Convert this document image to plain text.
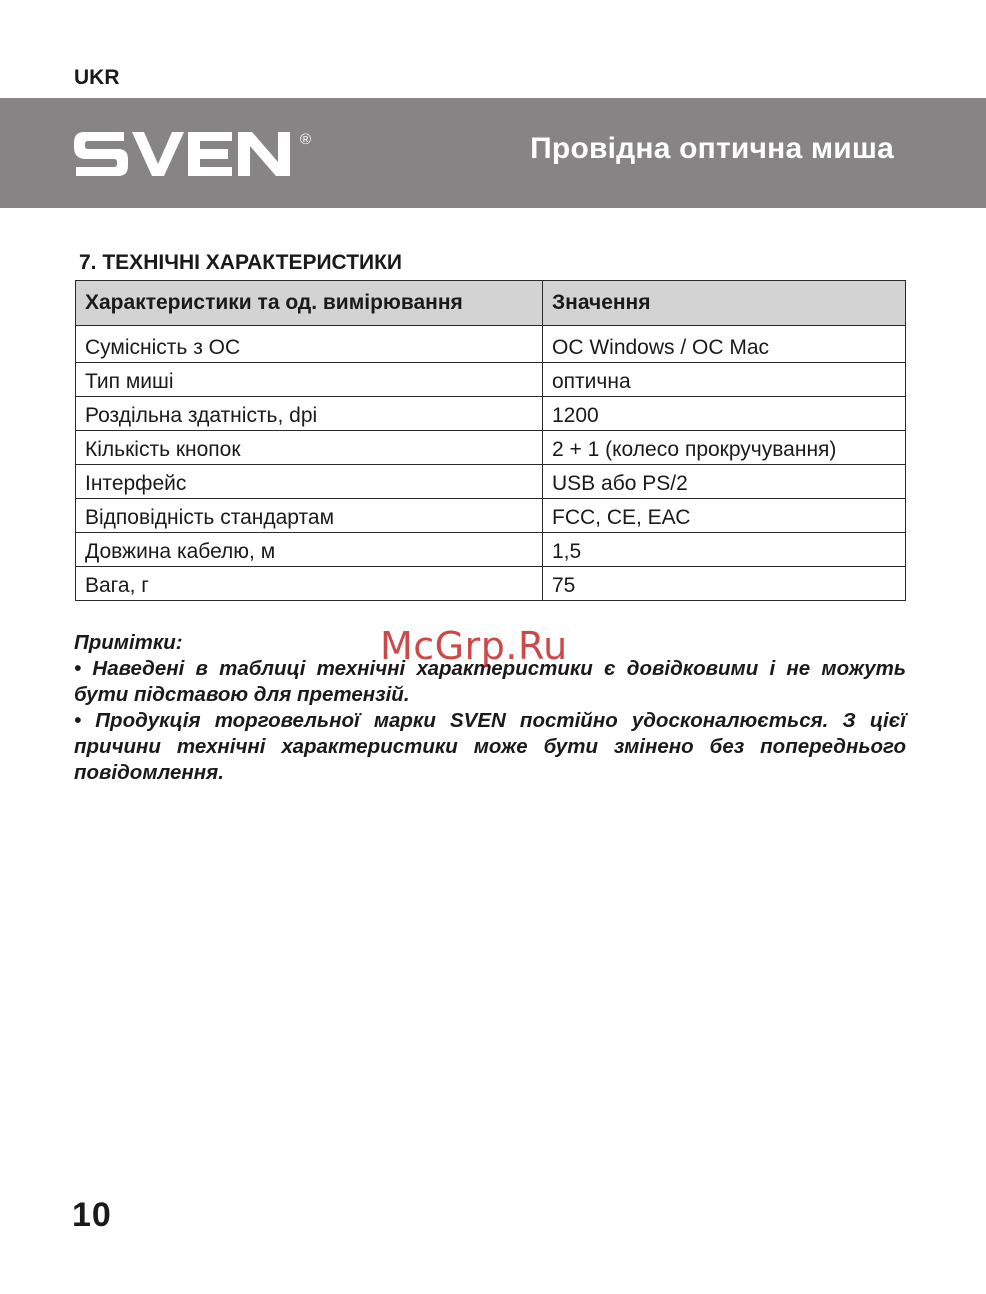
UKR
®	Провідна оптична миша
7. ТЕХНІЧНІ ХАРАКТЕРИСТИКИ
Характеристики та од. вимірювання	Значення
Сумісність з ОС	ОС Windows / ОС Mac
Тип миші	оптична
Роздільна здатність, dpi	1200
Кількість кнопок	2 + 1 (колесо прокручування)
Інтерфейс	USB або PS/2
Відповідність стандартам	FCC, CE, ЕАС
Довжина кабелю, м	1,5
Вага, г	75

Примітки:

• Наведені в таблиці технічні характеристики є довідковими і не можуть бути підставою для претензій.

• Продукція торговельної марки SVEN постійно удосконалюється. З цієї причини технічні характеристики може бути змінено без попереднього повідомлення.

McGrp.Ru
10
